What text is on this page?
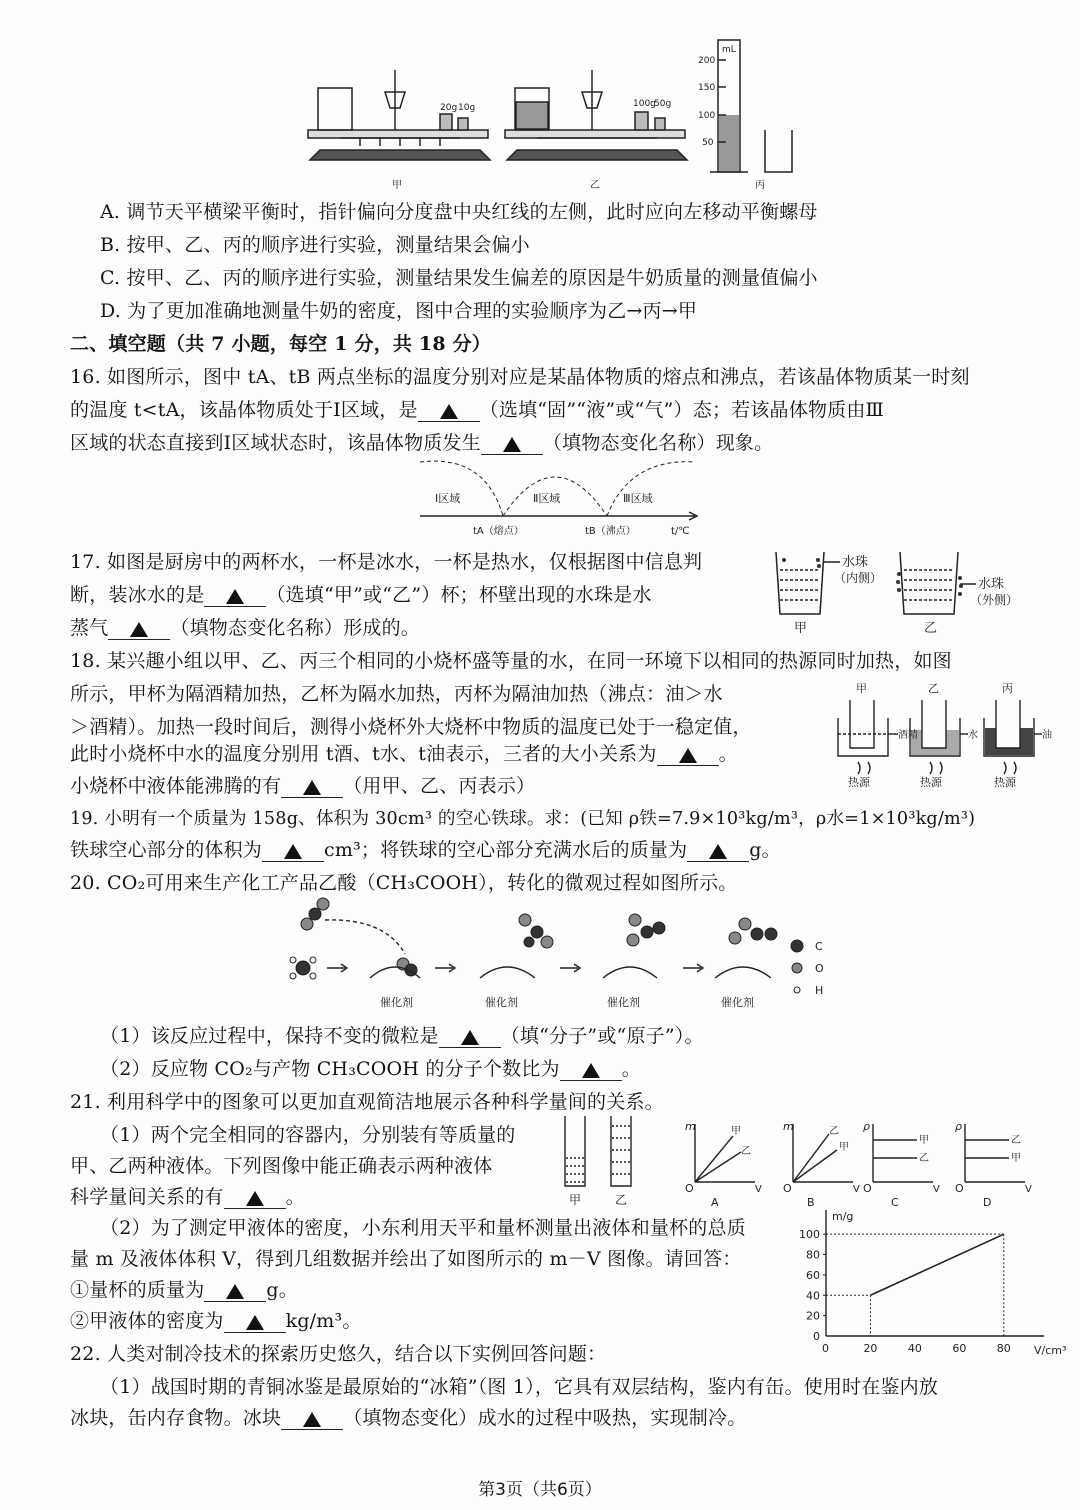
20g 10g
甲
100g
50g
乙
mL
200
150
100
50
丙
A. 调节天平横梁平衡时，指针偏向分度盘中央红线的左侧，此时应向左移动平衡螺母
B. 按甲、乙、丙的顺序进行实验，测量结果会偏小
C. 按甲、乙、丙的顺序进行实验，测量结果发生偏差的原因是牛奶质量的测量值偏小
D. 为了更加准确地测量牛奶的密度，图中合理的实验顺序为乙→丙→甲
二、填空题（共 7 小题，每空 1 分，共 18 分）
16. 如图所示，图中 tA、tB 两点坐标的温度分别对应是某晶体物质的熔点和沸点，若该晶体物质某一时刻
的温度 t<tA，该晶体物质处于Ⅰ区域，是	（选填“固”“液”或“气”）态；若该晶体物质由Ⅲ
区域的状态直接到Ⅰ区域状态时，该晶体物质发生	（填物态变化名称）现象。
Ⅰ区域	Ⅱ区域	Ⅲ区域
tA（熔点）	tB（沸点）	t/℃
17. 如图是厨房中的两杯水，一杯是冰水，一杯是热水，仅根据图中信息判
断，装冰水的是	（选填“甲”或“乙”）杯；杯壁出现的水珠是水
蒸气	（填物态变化名称）形成的。
水珠
（内侧）	水珠
（外侧）
甲	乙
18. 某兴趣小组以甲、乙、丙三个相同的小烧杯盛等量的水，在同一环境下以相同的热源同时加热，如图
所示，甲杯为隔酒精加热，乙杯为隔水加热，丙杯为隔油加热（沸点：油＞水
＞酒精）。加热一段时间后，测得小烧杯外大烧杯中物质的温度已处于一稳定值，
此时小烧杯中水的温度分别用 t酒、t水、t油表示，三者的大小关系为	。
小烧杯中液体能沸腾的有	（用甲、乙、丙表示）
甲	乙	丙
酒精	水	油
热源	热源	热源
19. 小明有一个质量为 158g、体积为 30cm³ 的空心铁球。求：(已知 ρ铁=7.9×10³kg/m³，ρ水=1×10³kg/m³)
铁球空心部分的体积为	cm³；将铁球的空心部分充满水后的质量为	g。
20. CO₂可用来生产化工产品乙酸（CH₃COOH），转化的微观过程如图所示。
催化剂	催化剂	催化剂	催化剂
C
O
H
（1）该反应过程中，保持不变的微粒是	（填“分子”或“原子”）。
（2）反应物 CO₂与产物 CH₃COOH 的分子个数比为	。
21. 利用科学中的图象可以更加直观简洁地展示各种科学量间的关系。
（1）两个完全相同的容器内，分别装有等质量的
甲、乙两种液体。下列图像中能正确表示两种液体
科学量间关系的有	。	甲	乙
m
O	V
甲
乙
A
m
O	V
乙
甲
B
ρ
O	V
甲
乙
C
ρ
O	V
乙
甲
D
（2）为了测定甲液体的密度，小东利用天平和量杯测量出液体和量杯的总质
量 m 及液体体积 V，得到几组数据并绘出了如图所示的 m－V 图像。请回答：
①量杯的质量为	g。
②甲液体的密度为	kg/m³。
V/cm³
m/g
0	20	40	60	80
0
20
40
60
80
100
22. 人类对制冷技术的探索历史悠久，结合以下实例回答问题：
（1）战国时期的青铜冰鉴是最原始的“冰箱”（图 1），它具有双层结构，鉴内有缶。使用时在鉴内放
冰块，缶内存食物。冰块	（填物态变化）成水的过程中吸热，实现制冷。
第3页（共6页）
